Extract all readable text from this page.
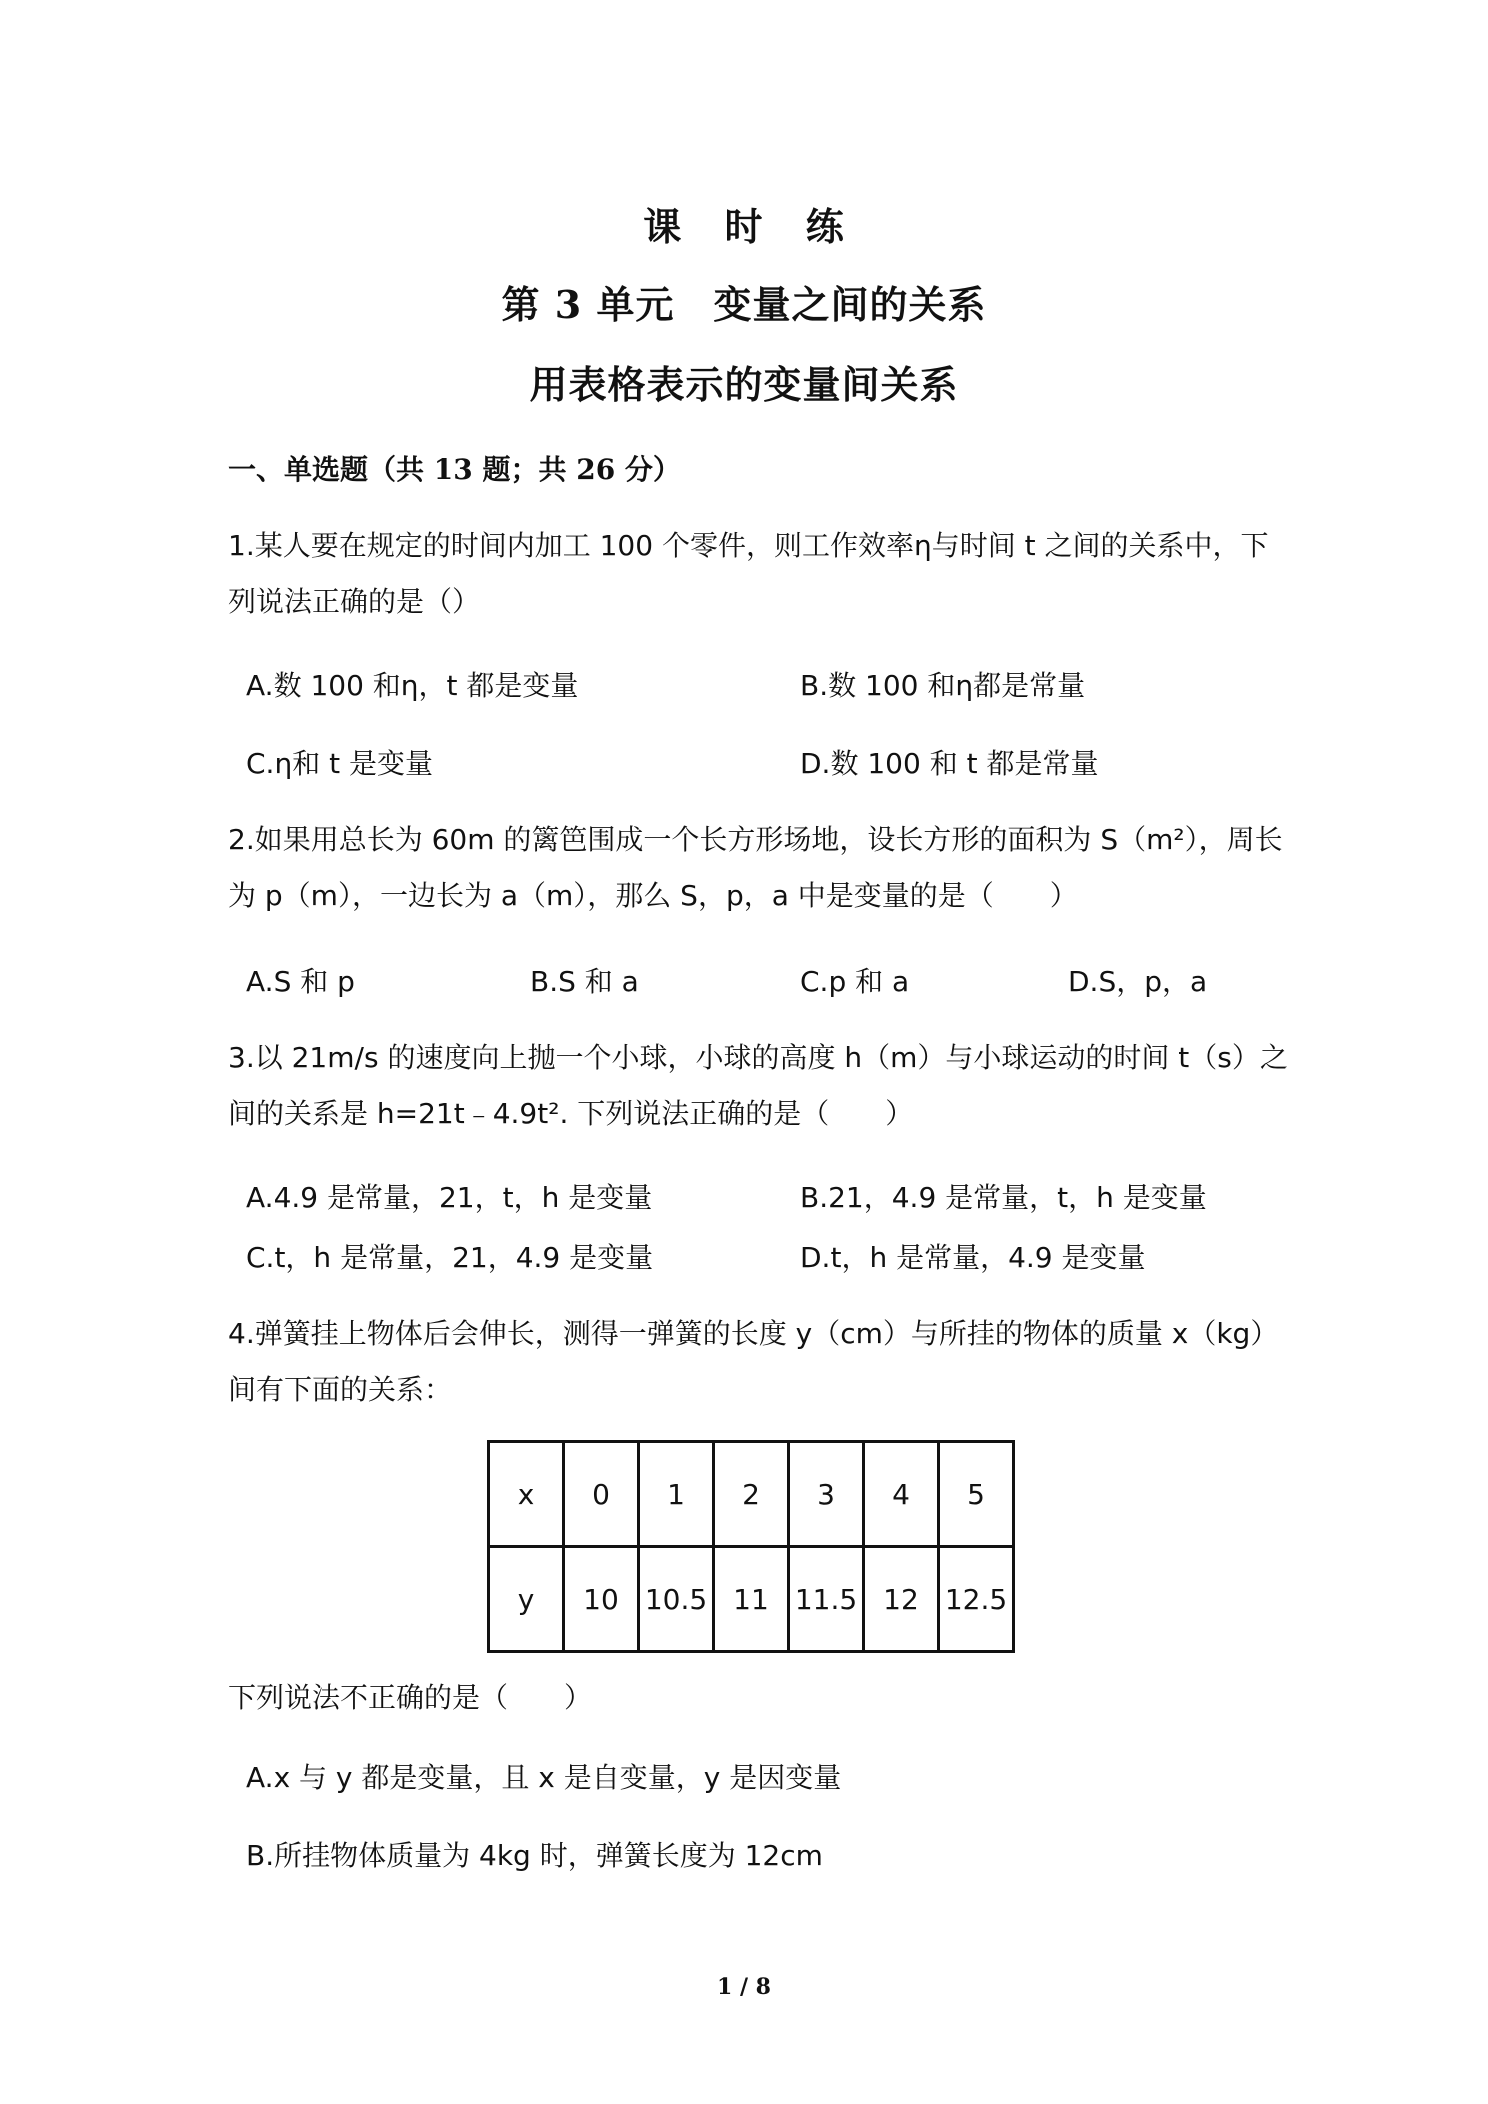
课 时 练
第 3 单元　变量之间的关系
用表格表示的变量间关系
一、单选题（共 13 题；共 26 分）
1.某人要在规定的时间内加工 100 个零件，则工作效率η与时间 t 之间的关系中，下列说法正确的是（）
A.数 100 和η，t 都是变量	B.数 100 和η都是常量
C.η和 t 是变量	D.数 100 和 t 都是常量
2.如果用总长为 60m 的篱笆围成一个长方形场地，设长方形的面积为 S（m²），周长为 p（m），一边长为 a（m），那么 S，p，a 中是变量的是（　　）
A.S 和 p	B.S 和 a	C.p 和 a	D.S，p，a
3.以 21m/s 的速度向上抛一个小球，小球的高度 h（m）与小球运动的时间 t（s）之间的关系是 h=21t﹣4.9t². 下列说法正确的是（　　）
A.4.9 是常量，21，t，h 是变量	B.21，4.9 是常量，t，h 是变量
C.t，h 是常量，21，4.9 是变量	D.t，h 是常量，4.9 是变量
4.弹簧挂上物体后会伸长，测得一弹簧的长度 y（cm）与所挂的物体的质量 x（kg）间有下面的关系：
x	0	1	2	3	4	5
y	10	10.5	11	11.5	12	12.5
下列说法不正确的是（　　）
A.x 与 y 都是变量，且 x 是自变量，y 是因变量
B.所挂物体质量为 4kg 时，弹簧长度为 12cm
1 / 8
